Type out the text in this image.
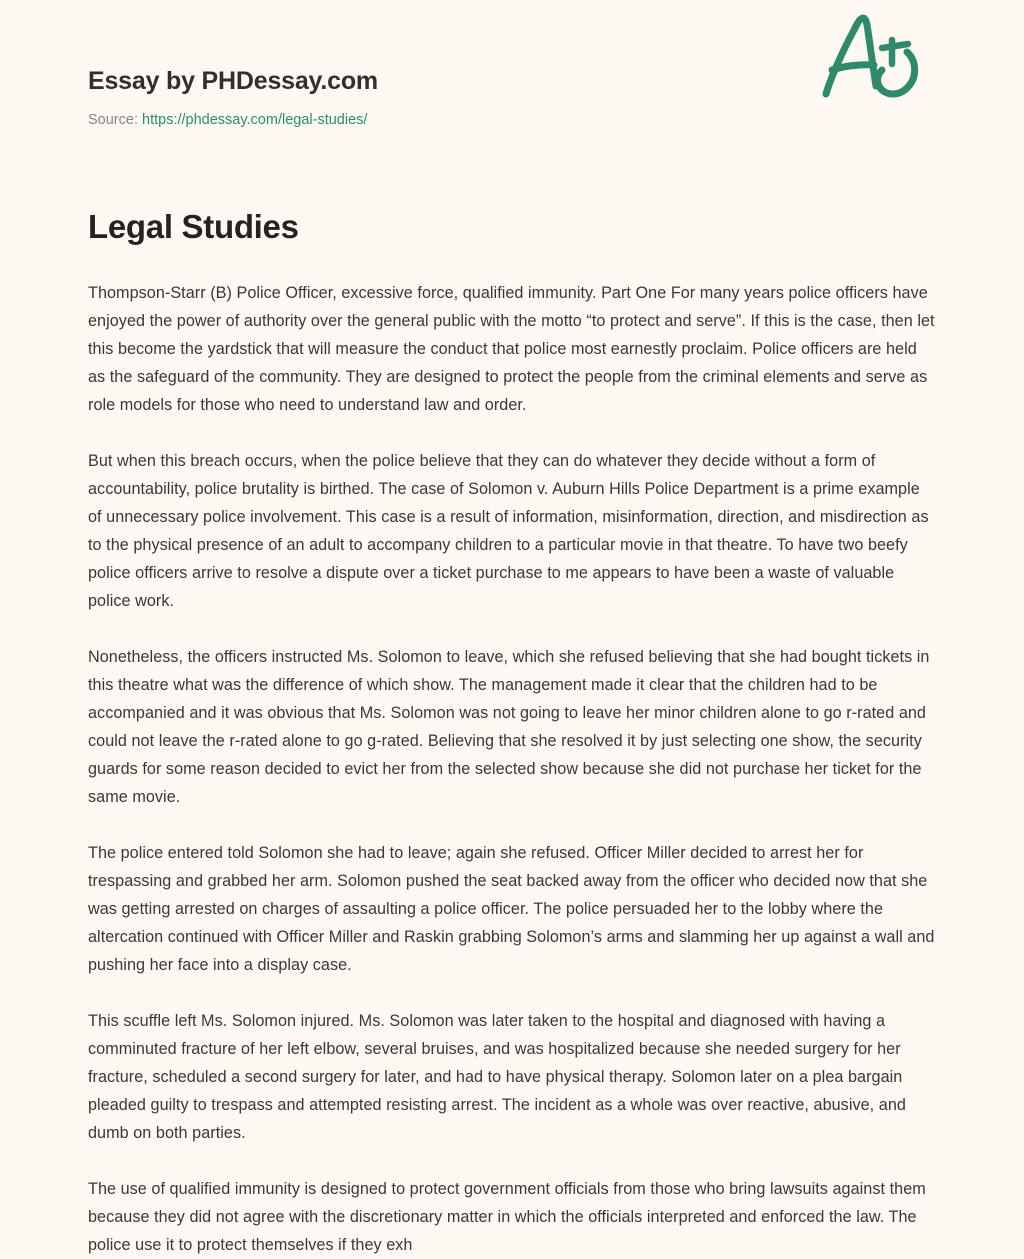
Essay by PHDessay.com
Source: https://phdessay.com/legal-studies/
Legal Studies

Thompson-Starr (B) Police Officer, excessive force, qualified immunity. Part One For many years police officers have enjoyed the power of authority over the general public with the motto “to protect and serve”. If this is the case, then let this become the yardstick that will measure the conduct that police most earnestly proclaim. Police officers are held as the safeguard of the community. They are designed to protect the people from the criminal elements and serve as role models for those who need to understand law and order.

But when this breach occurs, when the police believe that they can do whatever they decide without a form of accountability, police brutality is birthed. The case of Solomon v. Auburn Hills Police Department is a prime example of unnecessary police involvement. This case is a result of information, misinformation, direction, and misdirection as to the physical presence of an adult to accompany children to a particular movie in that theatre. To have two beefy police officers arrive to resolve a dispute over a ticket purchase to me appears to have been a waste of valuable police work.

Nonetheless, the officers instructed Ms. Solomon to leave, which she refused believing that she had bought tickets in this theatre what was the difference of which show. The management made it clear that the children had to be accompanied and it was obvious that Ms. Solomon was not going to leave her minor children alone to go r-rated and could not leave the r-rated alone to go g-rated. Believing that she resolved it by just selecting one show, the security guards for some reason decided to evict her from the selected show because she did not purchase her ticket for the same movie.

The police entered told Solomon she had to leave; again she refused. Officer Miller decided to arrest her for trespassing and grabbed her arm. Solomon pushed the seat backed away from the officer who decided now that she was getting arrested on charges of assaulting a police officer. The police persuaded her to the lobby where the altercation continued with Officer Miller and Raskin grabbing Solomon’s arms and slamming her up against a wall and pushing her face into a display case.

This scuffle left Ms. Solomon injured. Ms. Solomon was later taken to the hospital and diagnosed with having a comminuted fracture of her left elbow, several bruises, and was hospitalized because she needed surgery for her fracture, scheduled a second surgery for later, and had to have physical therapy. Solomon later on a plea bargain pleaded guilty to trespass and attempted resisting arrest. The incident as a whole was over reactive, abusive, and dumb on both parties.

The use of qualified immunity is designed to protect government officials from those who bring lawsuits against them because they did not agree with the discretionary matter in which the officials interpreted and enforced the law. The police use it to protect themselves if they exh
